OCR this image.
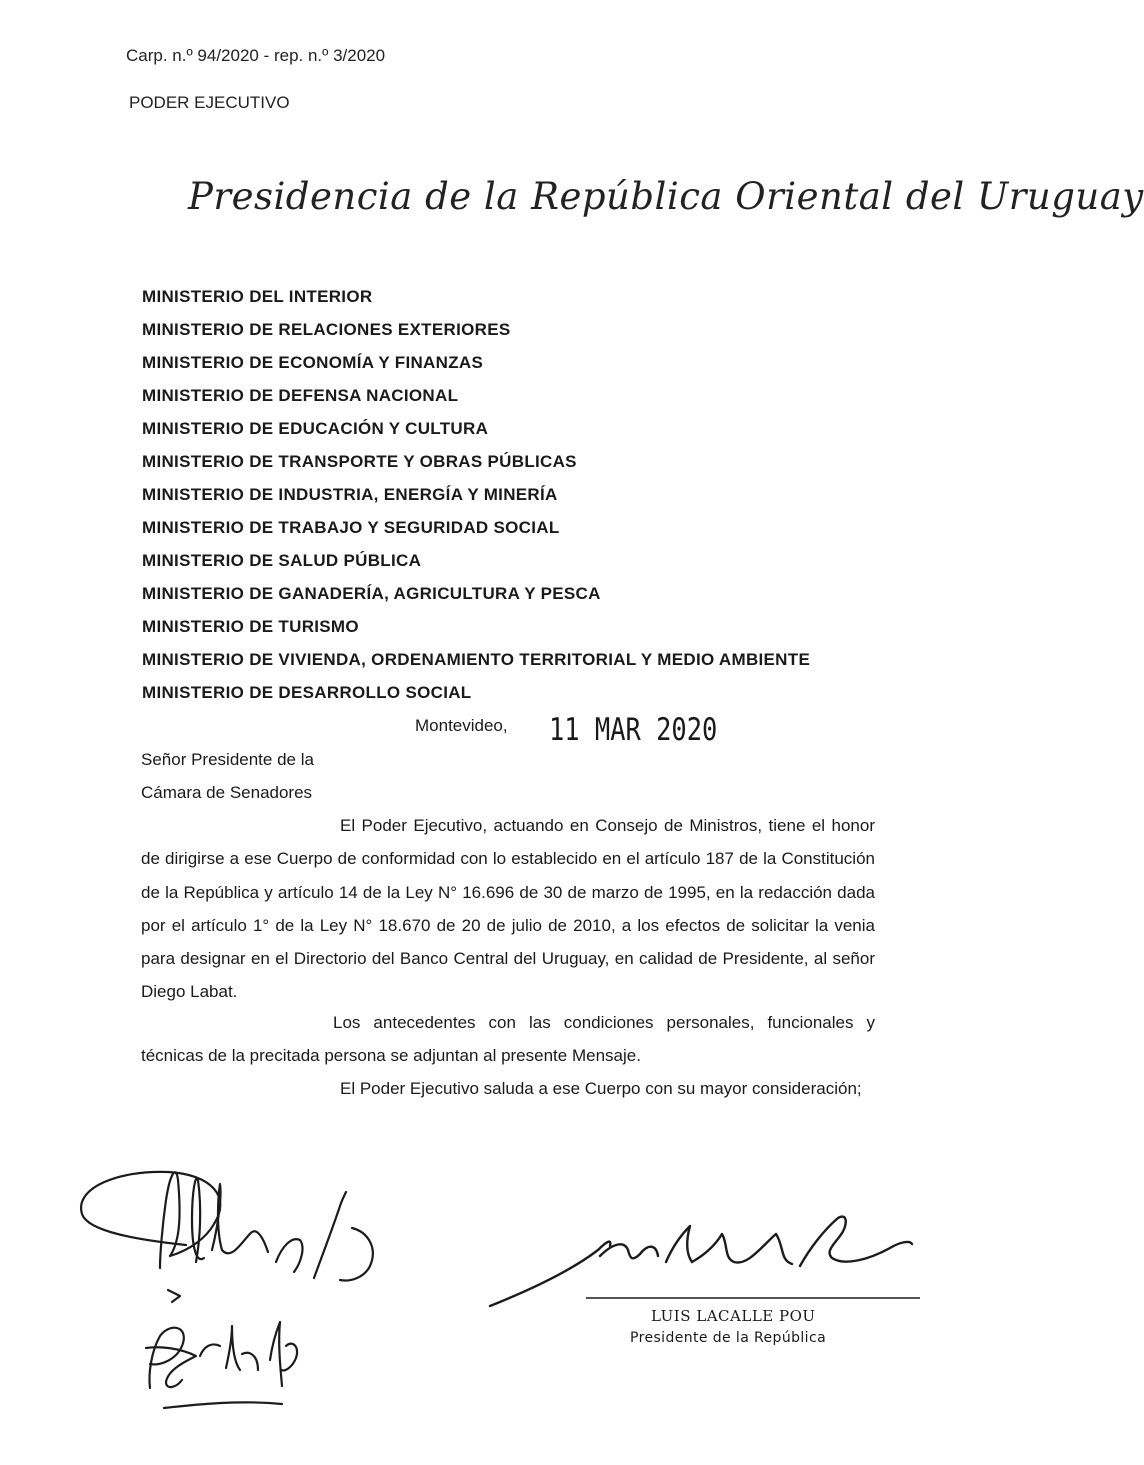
Carp. n.º 94/2020 - rep. n.º 3/2020
PODER EJECUTIVO
Presidencia de la República Oriental del Uruguay
MINISTERIO DEL INTERIOR
MINISTERIO DE RELACIONES EXTERIORES
MINISTERIO DE ECONOMÍA Y FINANZAS
MINISTERIO DE DEFENSA NACIONAL
MINISTERIO DE EDUCACIÓN Y CULTURA
MINISTERIO DE TRANSPORTE Y OBRAS PÚBLICAS
MINISTERIO DE INDUSTRIA, ENERGÍA Y MINERÍA
MINISTERIO DE TRABAJO Y SEGURIDAD SOCIAL
MINISTERIO DE SALUD PÚBLICA
MINISTERIO DE GANADERÍA, AGRICULTURA Y PESCA
MINISTERIO DE TURISMO
MINISTERIO DE VIVIENDA, ORDENAMIENTO TERRITORIAL Y MEDIO AMBIENTE
MINISTERIO DE DESARROLLO SOCIAL
Montevideo, 11 MAR 2020
Señor Presidente de la
Cámara de Senadores

El Poder Ejecutivo, actuando en Consejo de Ministros, tiene el honor de dirigirse a ese Cuerpo de conformidad con lo establecido en el artículo 187 de la Constitución de la República y artículo 14 de la Ley N° 16.696 de 30 de marzo de 1995, en la redacción dada por el artículo 1° de la Ley N° 18.670 de 20 de julio de 2010, a los efectos de solicitar la venia para designar en el Directorio del Banco Central del Uruguay, en calidad de Presidente, al señor Diego Labat.

Los antecedentes con las condiciones personales, funcionales y técnicas de la precitada persona se adjuntan al presente Mensaje.

El Poder Ejecutivo saluda a ese Cuerpo con su mayor consideración;

LUIS LACALLE POU
Presidente de la República
